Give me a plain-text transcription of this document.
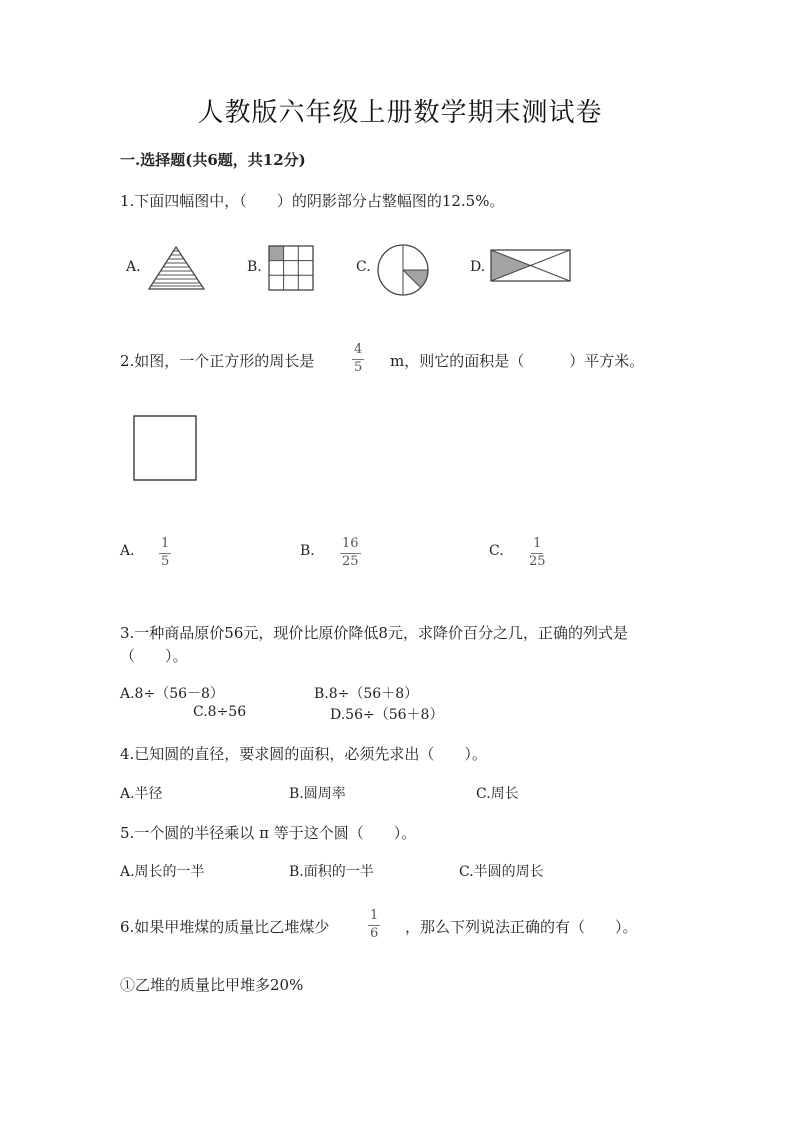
人教版六年级上册数学期末测试卷
一.选择题(共6题，共12分)
1.下面四幅图中，（　　）的阴影部分占整幅图的12.5%。
A.	B.	C.	D.
2.如图，一个正方形的周长是	$\frac{4}{5}$ m，则它的面积是（　　　）平方米。
A. $\frac{1}{5}$	B. $\frac{16}{25}$	C. $\frac{1}{25}$
3.一种商品原价56元，现价比原价降低8元，求降价百分之几，正确的列式是
（　　）。
A.8÷（56－8）	B.8÷（56＋8）
C.8÷56	D.56÷（56＋8）
4.已知圆的直径，要求圆的面积，必须先求出（　　）。
A.半径	B.圆周率	C.周长
5.一个圆的半径乘以 π 等于这个圆（　　）。
A.周长的一半	B.面积的一半	C.半圆的周长
6.如果甲堆煤的质量比乙堆煤少	$\frac{1}{6}$ ，那么下列说法正确的有（　　）。
①乙堆的质量比甲堆多20%
